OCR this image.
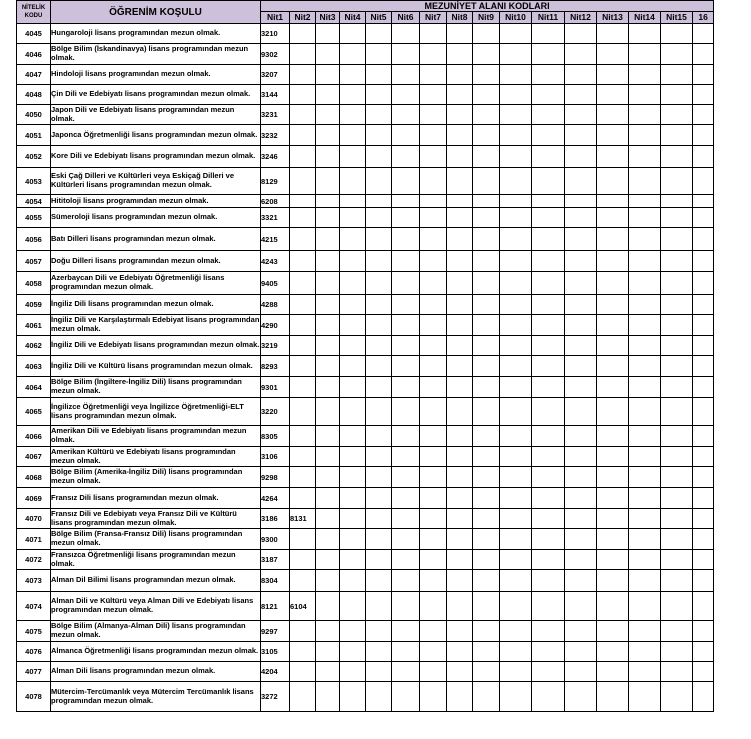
NİTELİK
KODU	ÖĞRENİM KOŞULU	MEZUNİYET ALANI KODLARI															
		Nit1	Nit2	Nit3	Nit4	Nit5	Nit6	Nit7	Nit8	Nit9	Nit10	Nit11	Nit12	Nit13	Nit14	Nit15	16
4045	Hungaroloji lisans programından mezun olmak.	3210															
4046	Bölge Bilim (İskandinavya) lisans programından mezun olmak.	9302															
4047	Hindoloji lisans programından mezun olmak.	3207															
4048	Çin Dili ve Edebiyatı lisans programından mezun olmak.	3144															
4050	Japon Dili ve Edebiyatı lisans programından mezun olmak.	3231															
4051	Japonca Öğretmenliği lisans programından mezun olmak.	3232															
4052	Kore Dili ve Edebiyatı lisans programından mezun olmak.	3246															
4053	Eski Çağ Dilleri ve Kültürleri veya Eskiçağ Dilleri ve Kültürleri lisans programından mezun olmak.	8129															
4054	Hititoloji lisans programından mezun olmak.	6208															
4055	Sümeroloji lisans programından mezun olmak.	3321															
4056	Batı Dilleri lisans programından mezun olmak.	4215															
4057	Doğu Dilleri lisans programından mezun olmak.	4243															
4058	Azerbaycan Dili ve Edebiyatı Öğretmenliği lisans programından mezun olmak.	9405															
4059	İngiliz Dili lisans programından mezun olmak.	4288															
4061	İngiliz Dili ve Karşılaştırmalı Edebiyat lisans programından mezun olmak.	4290															
4062	İngiliz Dili ve Edebiyatı lisans programından mezun olmak.	3219															
4063	İngiliz Dili ve Kültürü lisans programından mezun olmak.	8293															
4064	Bölge Bilim (İngiltere-İngiliz Dili) lisans programından mezun olmak.	9301															
4065	İngilizce Öğretmenliği veya İngilizce Öğretmenliği-ELT lisans programından mezun olmak.	3220															
4066	Amerikan Dili ve Edebiyatı lisans programından mezun olmak.	8305															
4067	Amerikan Kültürü ve Edebiyatı lisans programından mezun olmak.	3106															
4068	Bölge Bilim (Amerika-İngiliz Dili) lisans programından mezun olmak.	9298															
4069	Fransız Dili lisans programından mezun olmak.	4264															
4070	Fransız Dili ve Edebiyatı veya Fransız Dili ve Kültürü lisans programından mezun olmak.	3186	8131														
4071	Bölge Bilim (Fransa-Fransız Dili) lisans programından mezun olmak.	9300															
4072	Fransızca Öğretmenliği lisans programından mezun olmak.	3187															
4073	Alman Dil Bilimi lisans programından mezun olmak.	8304															
4074	Alman Dili ve Kültürü veya Alman Dili ve Edebiyatı lisans programından mezun olmak.	8121	6104														
4075	Bölge Bilim (Almanya-Alman Dili) lisans programından mezun olmak.	9297															
4076	Almanca Öğretmenliği lisans programından mezun olmak.	3105															
4077	Alman Dili lisans programından mezun olmak.	4204															
4078	Mütercim-Tercümanlık veya Mütercim Tercümanlık lisans programından mezun olmak.	3272															
